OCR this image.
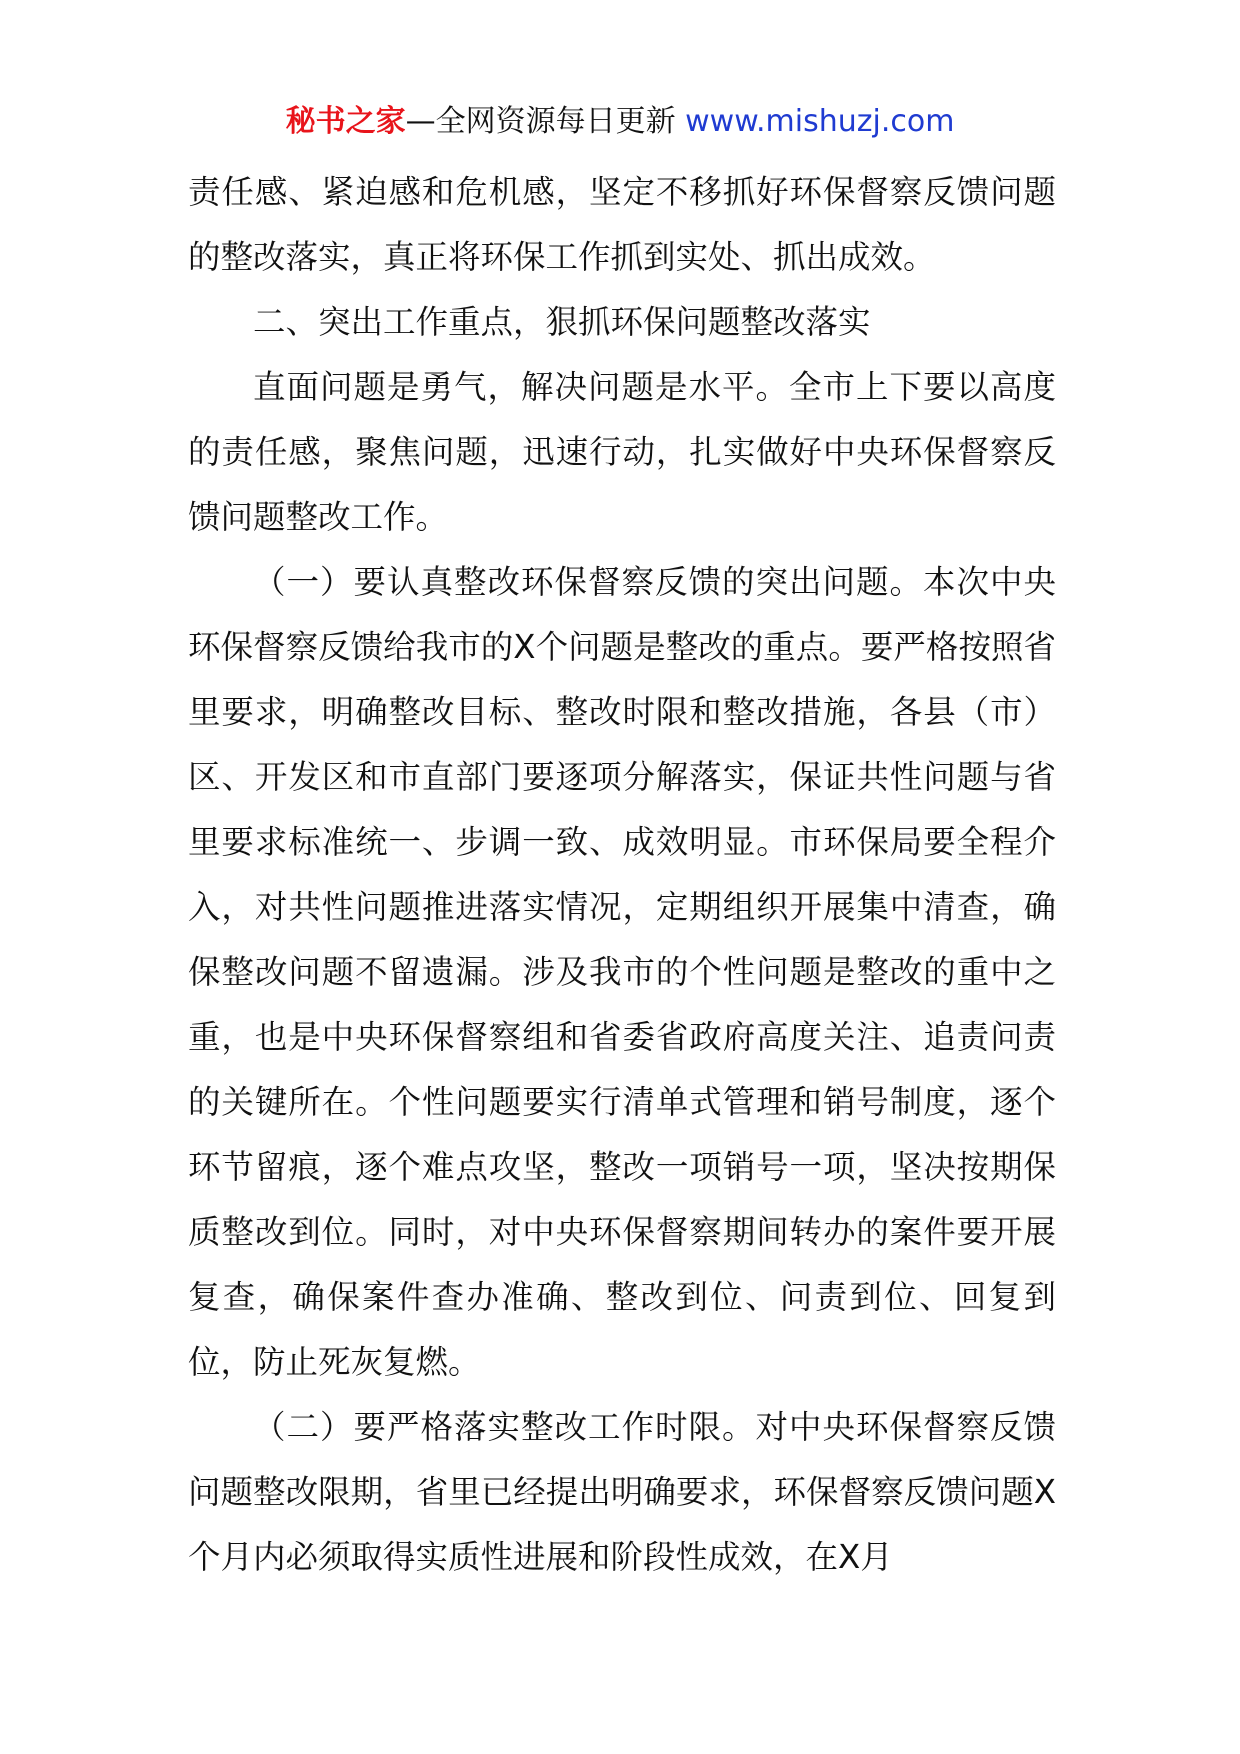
秘书之家—全网资源每日更新 www.mishuzj.com

责任感、紧迫感和危机感，坚定不移抓好环保督察反馈问题的整改落实，真正将环保工作抓到实处、抓出成效。

二、突出工作重点，狠抓环保问题整改落实

直面问题是勇气，解决问题是水平。全市上下要以高度的责任感，聚焦问题，迅速行动，扎实做好中央环保督察反馈问题整改工作。

（一）要认真整改环保督察反馈的突出问题。本次中央环保督察反馈给我市的X个问题是整改的重点。要严格按照省里要求，明确整改目标、整改时限和整改措施，各县（市）区、开发区和市直部门要逐项分解落实，保证共性问题与省里要求标准统一、步调一致、成效明显。市环保局要全程介入，对共性问题推进落实情况，定期组织开展集中清查，确保整改问题不留遗漏。涉及我市的个性问题是整改的重中之重，也是中央环保督察组和省委省政府高度关注、追责问责的关键所在。个性问题要实行清单式管理和销号制度，逐个环节留痕，逐个难点攻坚，整改一项销号一项，坚决按期保质整改到位。同时，对中央环保督察期间转办的案件要开展复查，确保案件查办准确、整改到位、问责到位、回复到位，防止死灰复燃。

（二）要严格落实整改工作时限。对中央环保督察反馈问题整改限期，省里已经提出明确要求，环保督察反馈问题X个月内必须取得实质性进展和阶段性成效，在X月
